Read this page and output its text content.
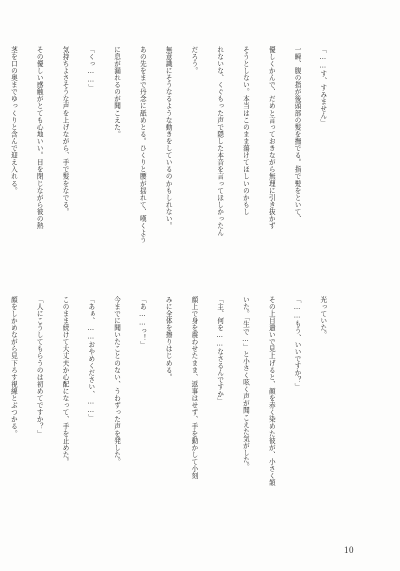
「……す、すみません」

一瞬、腹の指が後頭部の髪を撫でる。指で髪をといて、

優しくかんで、だめと言っておきながら無理に引き抜かず

そうとしない。本当はこのまま蕩けてほしいのかもし

れないな、くぐもった声で隠した本音を言ってほしかったん

だろう。

無意識にそうなるような動きをしているのかもしれない。

あの先をまで丹念に舐めとる。ひくりと腰が揺れて、嘆くよう

に息が漏れるのが聞こえた。

「くっ……」

気持ちよさそうな声を上げながら、手で髪をなでる。

その優しい感触がとても心地いい。目を閉じながら彼の熱

茎を口の奥までゆっくりと含んで迎え入れる。

光っていた。

「……もう、いいですか？」

その上目遣いで見上げると、顔を赤く染めた彼が、小さく頷

いた。「生で…」と小さく呟く声が聞こえた気がした。

「主、何を……なさるんですか」

顔上で身を震わせたまま、返事はせず、手を動かして小刻

みに全体を擦りはじめる。

「あ……っ！」

今までに聞いたことのない、うわずった声を発した。

「あぁ、……おやめください、……」

このまま続けて大丈夫か心配になって、手を止めた。

「人にこうしてもらうのは初めてですか？」

顔をしかめながら見下ろす視線とぶつかる。

10
